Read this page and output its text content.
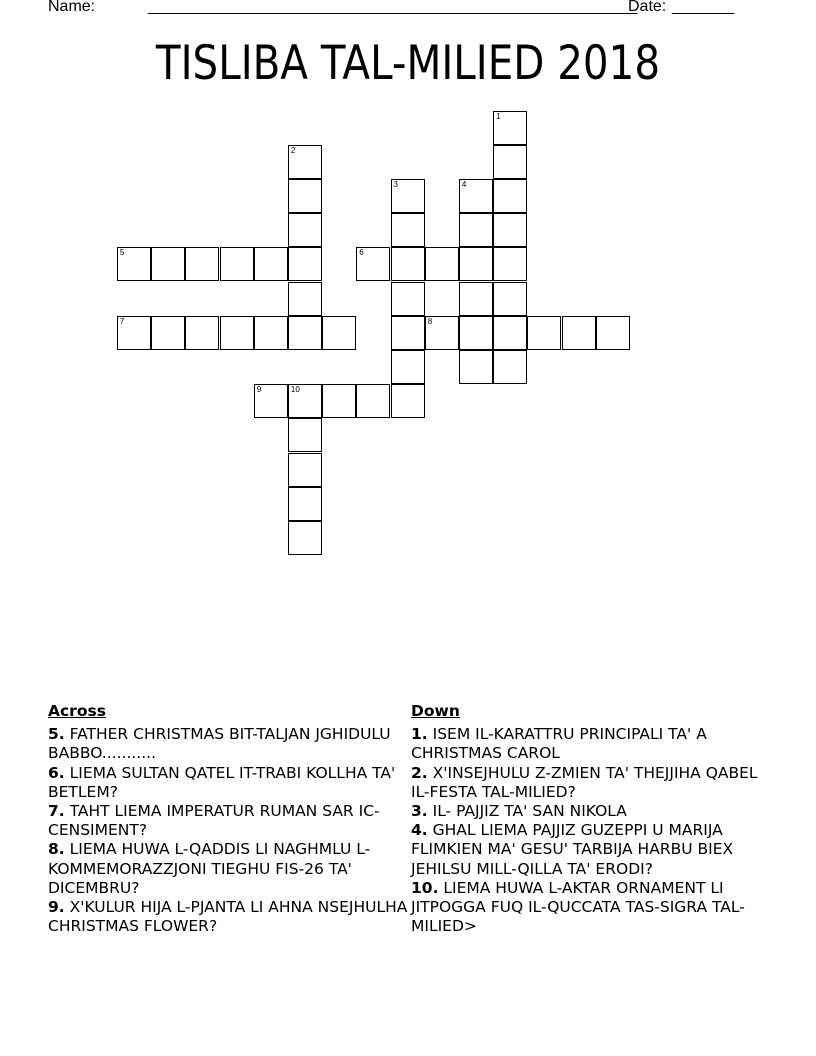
Name:	_______________________________________________________
Date: _______
TISLIBA TAL-MILIED 2018
1
2
3	4
5	6
7	8
9	10
Across
5. FATHER CHRISTMAS BIT-TALJAN JGHIDULU BABBO...........
6. LIEMA SULTAN QATEL IT-TRABI KOLLHA TA' BETLEM?
7. TAHT LIEMA IMPERATUR RUMAN SAR IC-CENSIMENT?
8. LIEMA HUWA L-QADDIS LI NAGHMLU L-KOMMEMORAZZJONI TIEGHU FIS-26 TA' DICEMBRU?
9. X'KULUR HIJA L-PJANTA LI AHNA NSEJHULHA CHRISTMAS FLOWER?
Down
1. ISEM IL-KARATTRU PRINCIPALI TA' A CHRISTMAS CAROL
2. X'INSEJHULU Z-ZMIEN TA' THEJJIHA QABEL IL-FESTA TAL-MILIED?
3. IL- PAJJIZ TA' SAN NIKOLA
4. GHAL LIEMA PAJJIZ GUZEPPI U MARIJA FLIMKIEN MA' GESU' TARBIJA HARBU BIEX JEHILSU MILL-QILLA TA' ERODI?
10. LIEMA HUWA L-AKTAR ORNAMENT LI JITPOGGA FUQ IL-QUCCATA TAS-SIGRA TAL-MILIED>
